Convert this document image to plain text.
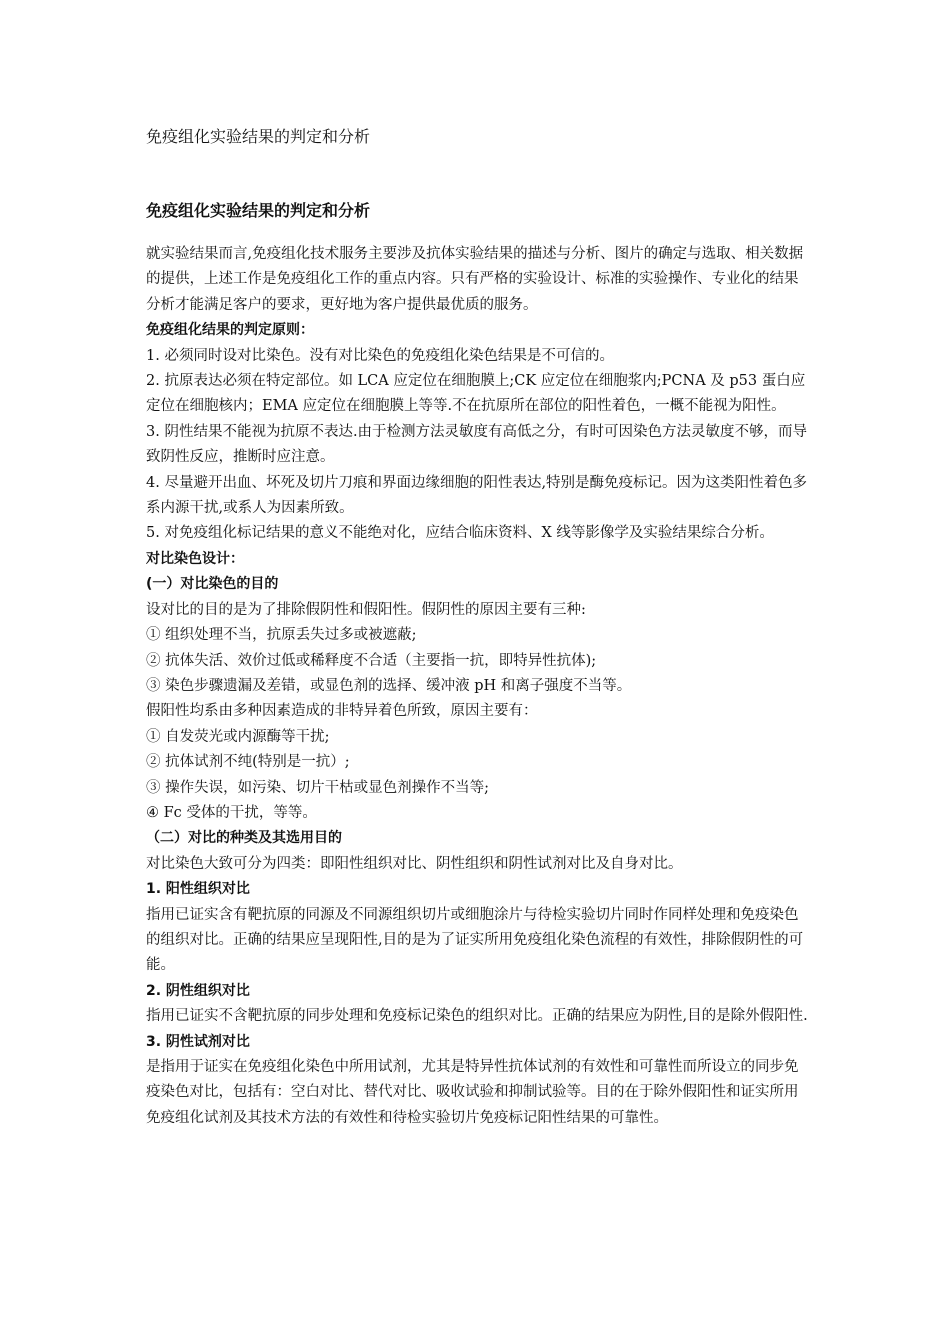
免疫组化实验结果的判定和分析
免疫组化实验结果的判定和分析

就实验结果而言,免疫组化技术服务主要涉及抗体实验结果的描述与分析、图片的确定与选取、相关数据的提供，上述工作是免疫组化工作的重点内容。只有严格的实验设计、标准的实验操作、专业化的结果分析才能满足客户的要求，更好地为客户提供最优质的服务。

免疫组化结果的判定原则：

1. 必须同时设对比染色。没有对比染色的免疫组化染色结果是不可信的。

2. 抗原表达必须在特定部位。如 LCA 应定位在细胞膜上;CK 应定位在细胞浆内;PCNA 及 p53 蛋白应定位在细胞核内；EMA 应定位在细胞膜上等等.不在抗原所在部位的阳性着色，一概不能视为阳性。

3. 阴性结果不能视为抗原不表达.由于检测方法灵敏度有高低之分，有时可因染色方法灵敏度不够，而导致阴性反应，推断时应注意。

4. 尽量避开出血、坏死及切片刀痕和界面边缘细胞的阳性表达,特别是酶免疫标记。因为这类阳性着色多系内源干扰,或系人为因素所致。

5. 对免疫组化标记结果的意义不能绝对化，应结合临床资料、X 线等影像学及实验结果综合分析。

对比染色设计：

(一）对比染色的目的

设对比的目的是为了排除假阴性和假阳性。假阴性的原因主要有三种:

① 组织处理不当，抗原丢失过多或被遮蔽;

② 抗体失活、效价过低或稀释度不合适（主要指一抗，即特异性抗体);

③ 染色步骤遗漏及差错，或显色剂的选择、缓冲液 pH 和离子强度不当等。

假阳性均系由多种因素造成的非特异着色所致，原因主要有：

① 自发荧光或内源酶等干扰;

② 抗体试剂不纯(特别是一抗）;

③ 操作失误，如污染、切片干枯或显色剂操作不当等;

④ Fc 受体的干扰，等等。

（二）对比的种类及其选用目的

对比染色大致可分为四类：即阳性组织对比、阴性组织和阴性试剂对比及自身对比。

1. 阳性组织对比

指用已证实含有靶抗原的同源及不同源组织切片或细胞涂片与待检实验切片同时作同样处理和免疫染色的组织对比。正确的结果应呈现阳性,目的是为了证实所用免疫组化染色流程的有效性，排除假阴性的可能。

2. 阴性组织对比

指用已证实不含靶抗原的同步处理和免疫标记染色的组织对比。正确的结果应为阴性,目的是除外假阳性.

3. 阴性试剂对比

是指用于证实在免疫组化染色中所用试剂，尤其是特异性抗体试剂的有效性和可靠性而所设立的同步免疫染色对比，包括有：空白对比、替代对比、吸收试验和抑制试验等。目的在于除外假阳性和证实所用免疫组化试剂及其技术方法的有效性和待检实验切片免疫标记阳性结果的可靠性。
